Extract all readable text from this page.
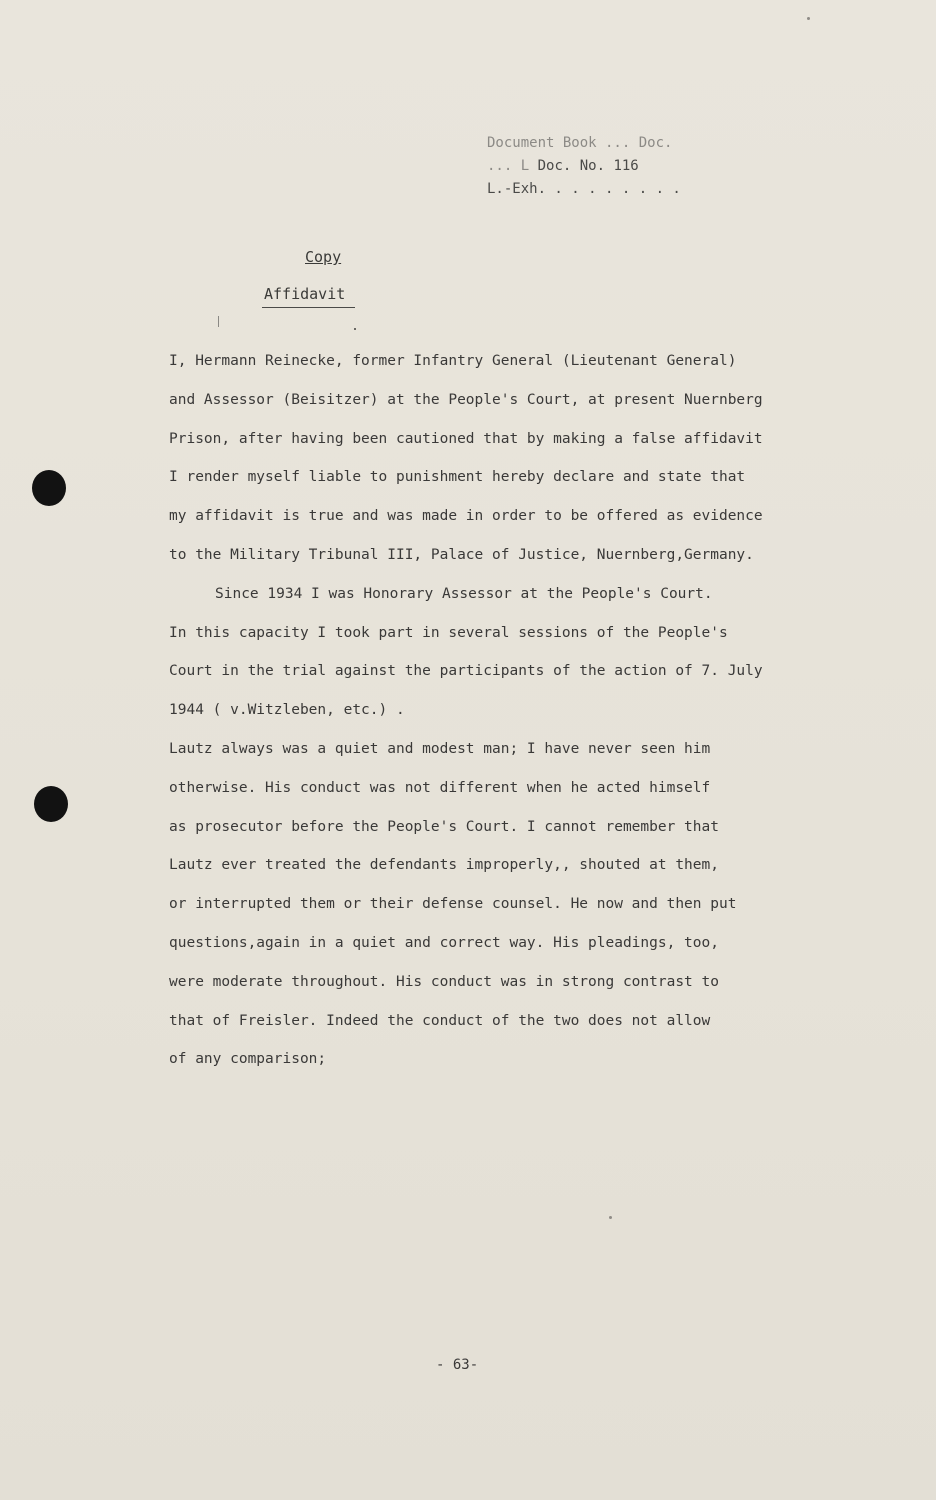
Document Book ... Doc.
... L Doc. No. 116
L.-Exh. . . . . . . . .
Copy
Affidavit
I, Hermann Reinecke, former Infantry General (Lieutenant General)
and Assessor (Beisitzer) at the People's Court, at present Nuernberg
Prison, after having been cautioned that by making a false affidavit
I render myself liable to punishment hereby declare and state that
my affidavit is true and was made in order to be offered as evidence
to the Military Tribunal III, Palace of Justice, Nuernberg,Germany.
Since 1934 I was Honorary Assessor at the People's Court.
In this capacity I took part in several sessions of the People's
Court in the trial against the participants of the action of 7. July
1944 ( v.Witzleben, etc.) .
Lautz always was a quiet and modest man; I have never seen him
otherwise. His conduct was not different when he acted himself
as prosecutor before the People's Court. I cannot remember that
Lautz ever treated the defendants improperly,, shouted at them,
or interrupted them or their defense counsel. He now and then put
questions,again in a quiet and correct way. His pleadings, too,
were moderate throughout. His conduct was in strong contrast to
that of Freisler. Indeed the conduct of the two does not allow
of any comparison;
- 63-
